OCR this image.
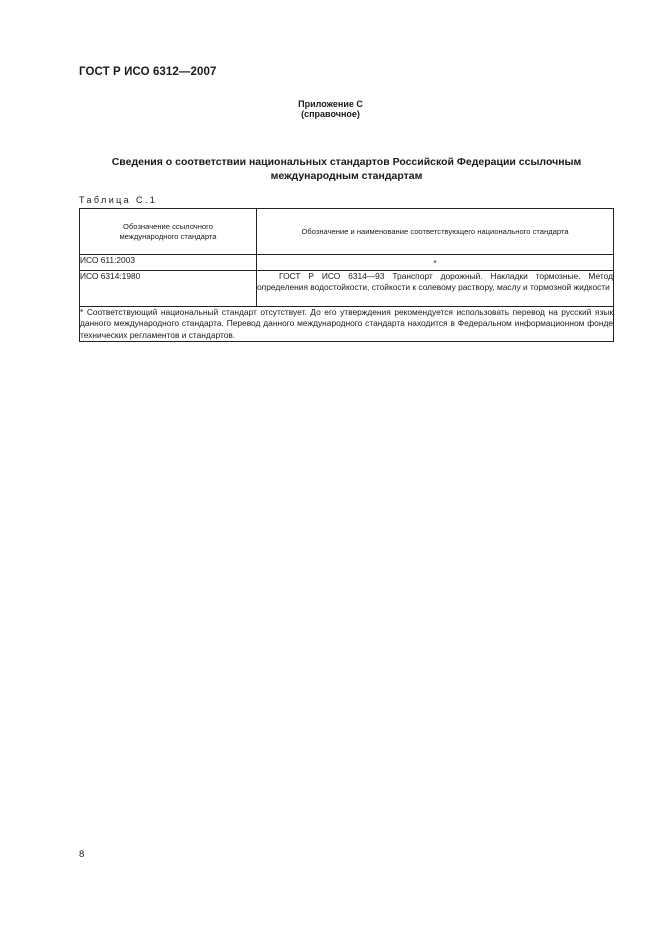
ГОСТ Р ИСО 6312—2007
Приложение С
(справочное)
Сведения о соответствии национальных стандартов Российской Федерации ссылочным
международным стандартам
Таблица С.1
Обозначение ссылочного международного стандарта	Обозначение и наименование соответствующего национального стандарта
ИСО 611:2003	*
ИСО 6314:1980	ГОСТ Р ИСО 6314—93 Транспорт дорожный. Накладки тормозные. Метод определения водостойкости, стойкости к солевому раствору, маслу и тормозной жидкости
* Соответствующий национальный стандарт отсутствует. До его утверждения рекомендуется использовать перевод на русский язык данного международного стандарта. Перевод данного международного стандарта находится в Федеральном информационном фонде технических регламентов и стандартов.	
8
